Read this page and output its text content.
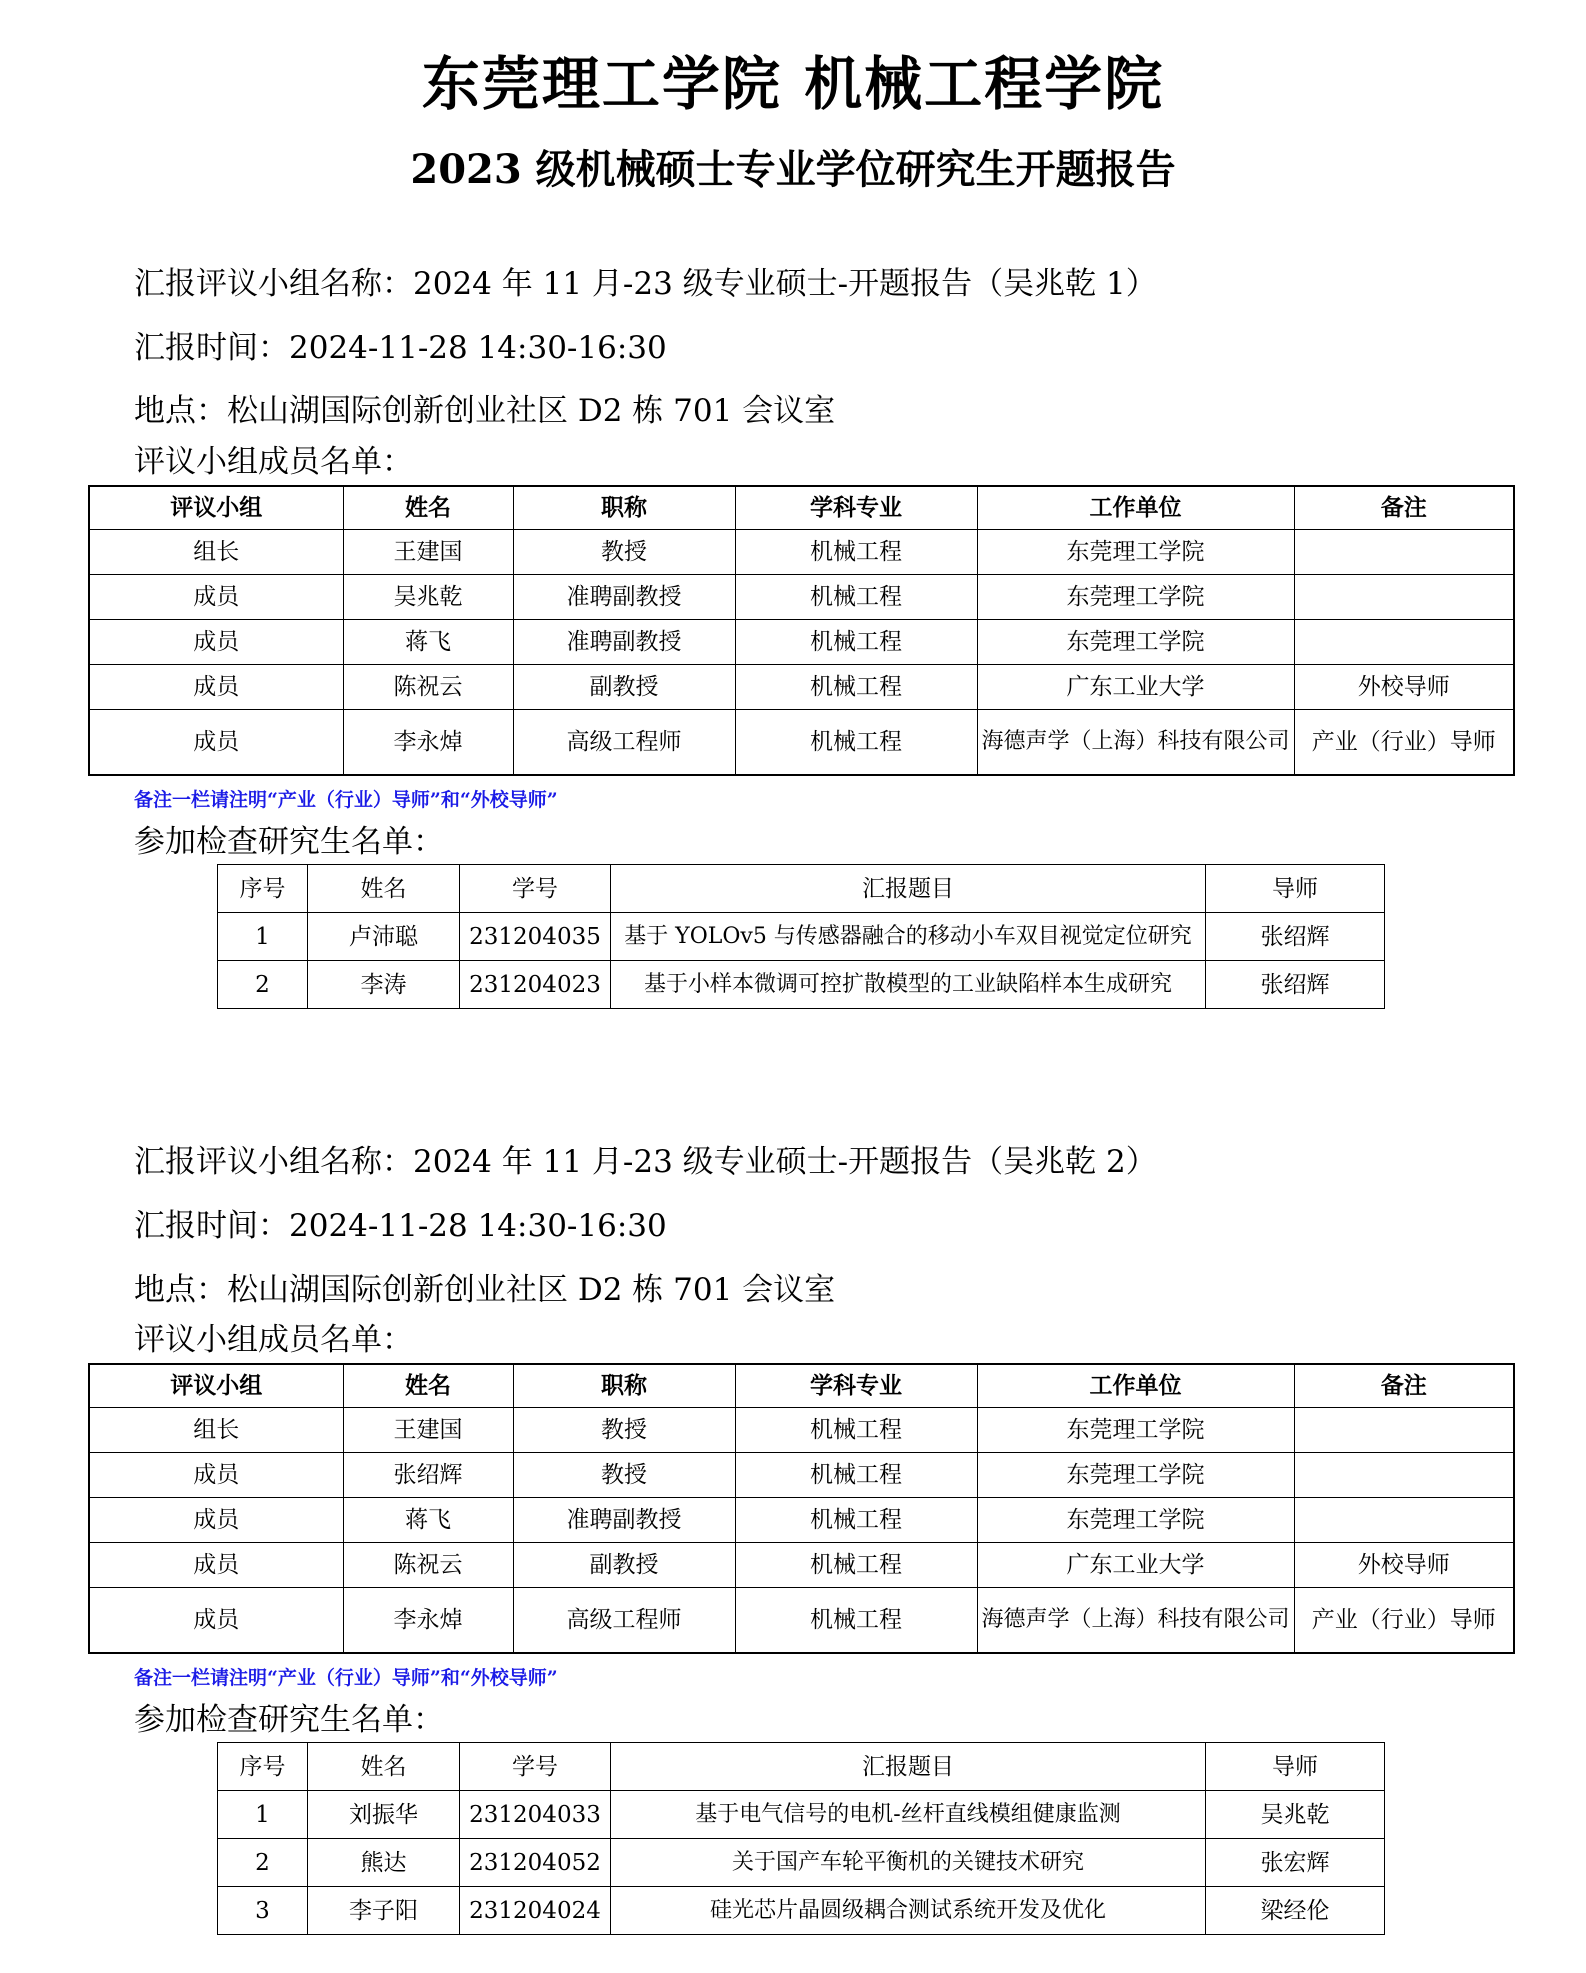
东莞理工学院 机械工程学院
2023 级机械硕士专业学位研究生开题报告
汇报评议小组名称：2024 年 11 月-23 级专业硕士-开题报告（吴兆乾 1）
汇报时间：2024-11-28 14:30-16:30
地点：松山湖国际创新创业社区 D2 栋 701 会议室
评议小组成员名单：
评议小组	姓名	职称	学科专业	工作单位	备注
组长	王建国	教授	机械工程	东莞理工学院	
成员	吴兆乾	准聘副教授	机械工程	东莞理工学院	
成员	蒋飞	准聘副教授	机械工程	东莞理工学院	
成员	陈祝云	副教授	机械工程	广东工业大学	外校导师
成员	李永焯	高级工程师	机械工程	海德声学（上海）科技有限公司	产业（行业）导师
备注一栏请注明“产业（行业）导师”和“外校导师”
参加检查研究生名单：
序号	姓名	学号	汇报题目	导师
1	卢沛聪	231204035	基于 YOLOv5 与传感器融合的移动小车双目视觉定位研究	张绍辉
2	李涛	231204023	基于小样本微调可控扩散模型的工业缺陷样本生成研究	张绍辉
汇报评议小组名称：2024 年 11 月-23 级专业硕士-开题报告（吴兆乾 2）
汇报时间：2024-11-28 14:30-16:30
地点：松山湖国际创新创业社区 D2 栋 701 会议室
评议小组成员名单：
评议小组	姓名	职称	学科专业	工作单位	备注
组长	王建国	教授	机械工程	东莞理工学院	
成员	张绍辉	教授	机械工程	东莞理工学院	
成员	蒋飞	准聘副教授	机械工程	东莞理工学院	
成员	陈祝云	副教授	机械工程	广东工业大学	外校导师
成员	李永焯	高级工程师	机械工程	海德声学（上海）科技有限公司	产业（行业）导师
备注一栏请注明“产业（行业）导师”和“外校导师”
参加检查研究生名单：
序号	姓名	学号	汇报题目	导师
1	刘振华	231204033	基于电气信号的电机-丝杆直线模组健康监测	吴兆乾
2	熊达	231204052	关于国产车轮平衡机的关键技术研究	张宏辉
3	李子阳	231204024	硅光芯片晶圆级耦合测试系统开发及优化	梁经伦
